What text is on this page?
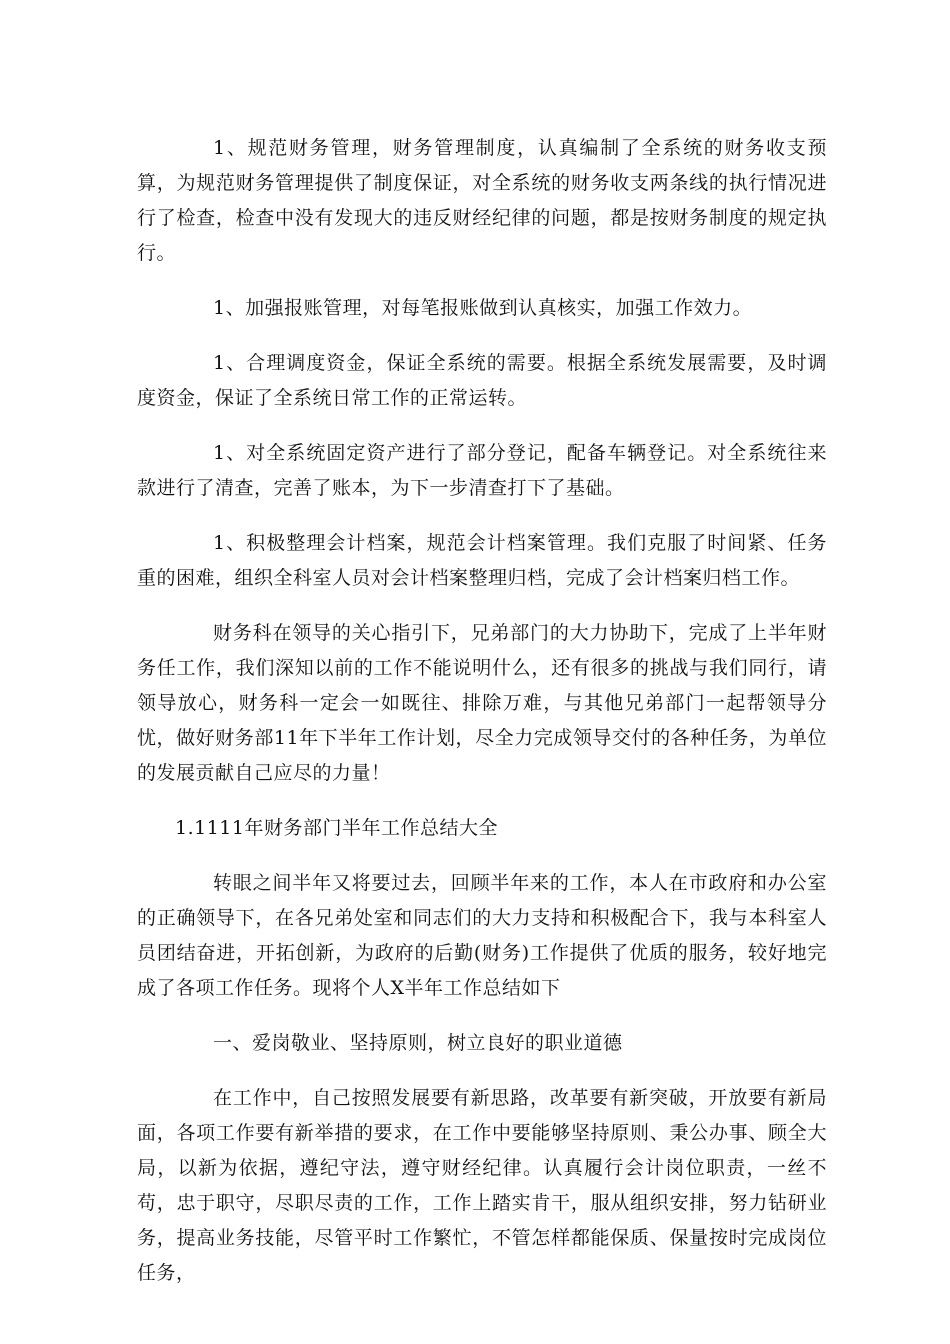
1、规范财务管理，财务管理制度，认真编制了全系统的财务收支预算，为规范财务管理提供了制度保证，对全系统的财务收支两条线的执行情况进行了检查，检查中没有发现大的违反财经纪律的问题，都是按财务制度的规定执行。

1、加强报账管理，对每笔报账做到认真核实，加强工作效力。

1、合理调度资金，保证全系统的需要。根据全系统发展需要，及时调度资金，保证了全系统日常工作的正常运转。

1、对全系统固定资产进行了部分登记，配备车辆登记。对全系统往来款进行了清查，完善了账本，为下一步清查打下了基础。

1、积极整理会计档案，规范会计档案管理。我们克服了时间紧、任务重的困难，组织全科室人员对会计档案整理归档，完成了会计档案归档工作。

财务科在领导的关心指引下，兄弟部门的大力协助下，完成了上半年财务任工作，我们深知以前的工作不能说明什么，还有很多的挑战与我们同行，请领导放心，财务科一定会一如既往、排除万难，与其他兄弟部门一起帮领导分忧，做好财务部11年下半年工作计划，尽全力完成领导交付的各种任务，为单位的发展贡献自己应尽的力量！

1.1111年财务部门半年工作总结大全

转眼之间半年又将要过去，回顾半年来的工作，本人在市政府和办公室的正确领导下，在各兄弟处室和同志们的大力支持和积极配合下，我与本科室人员团结奋进，开拓创新，为政府的后勤(财务)工作提供了优质的服务，较好地完成了各项工作任务。现将个人X半年工作总结如下

一、爱岗敬业、坚持原则，树立良好的职业道德

在工作中，自己按照发展要有新思路，改革要有新突破，开放要有新局面，各项工作要有新举措的要求，在工作中要能够坚持原则、秉公办事、顾全大局，以新为依据，遵纪守法，遵守财经纪律。认真履行会计岗位职责，一丝不苟，忠于职守，尽职尽责的工作，工作上踏实肯干，服从组织安排，努力钻研业务，提高业务技能，尽管平时工作繁忙，不管怎样都能保质、保量按时完成岗位任务，
